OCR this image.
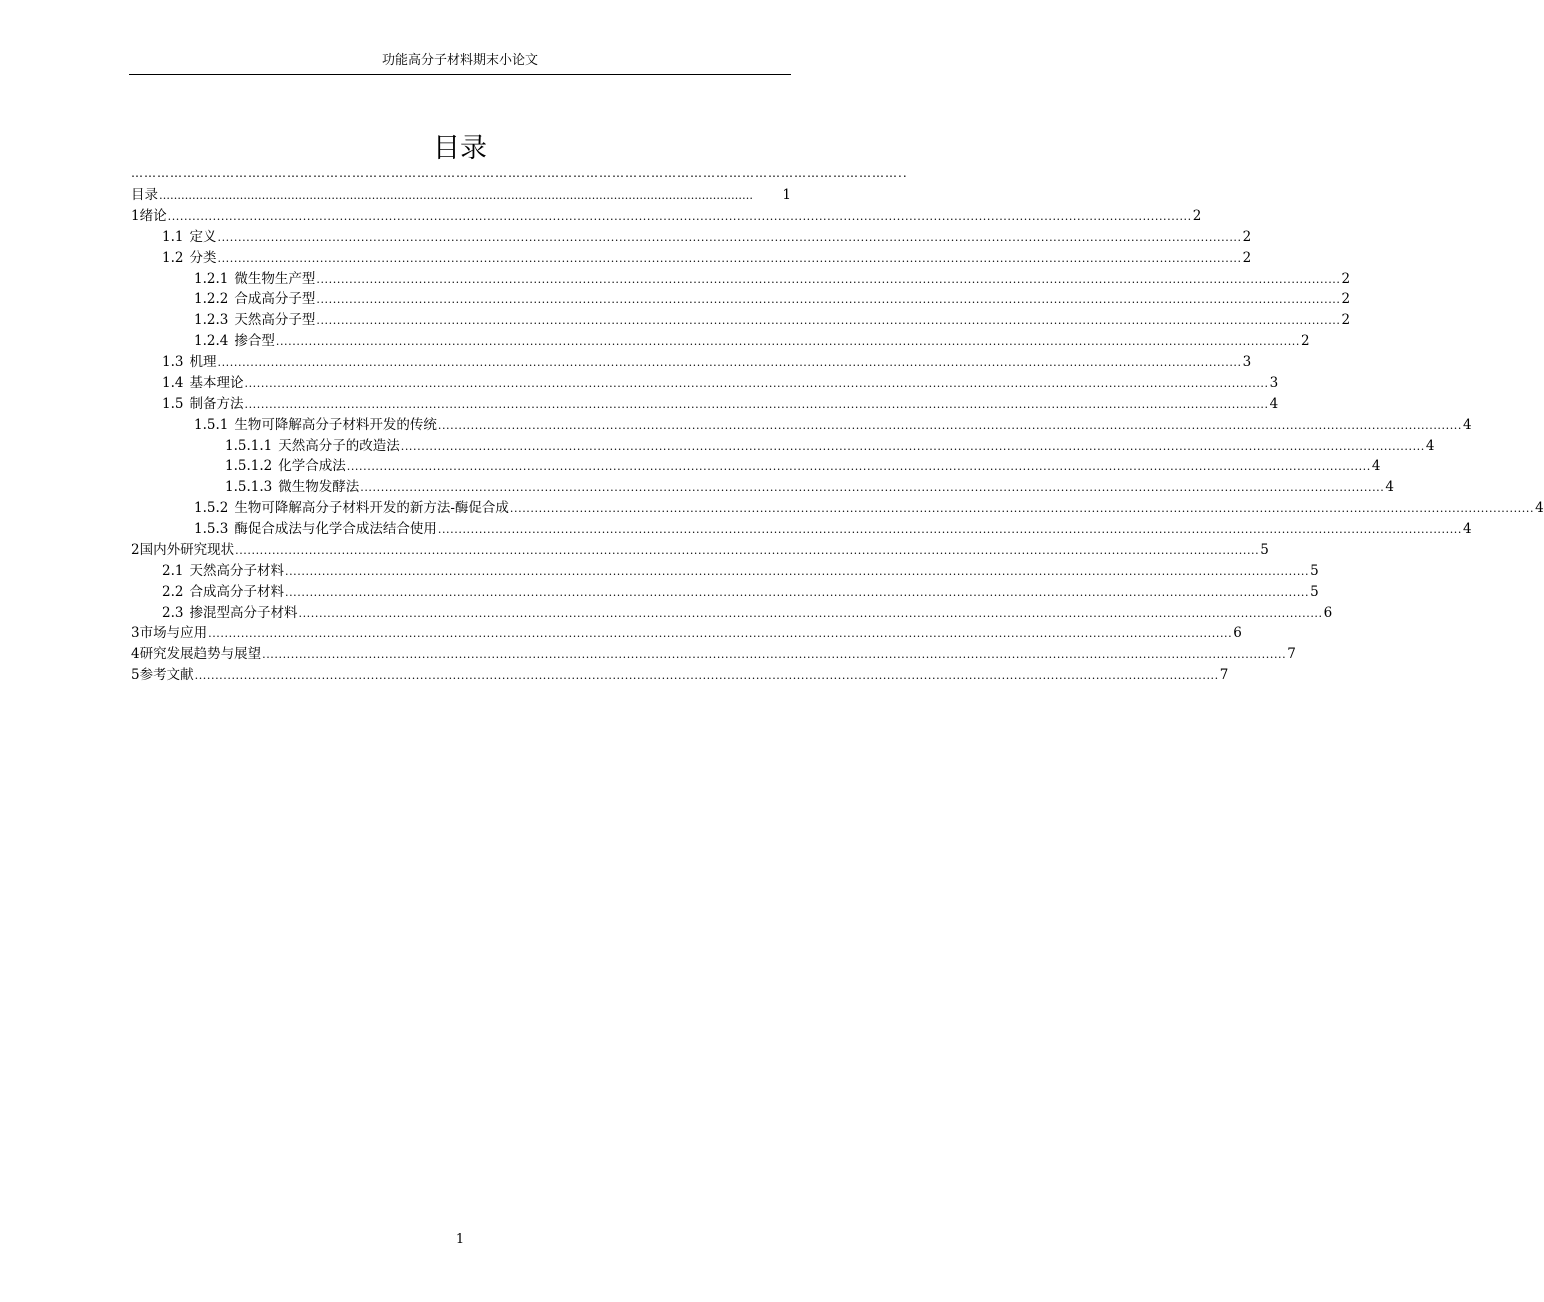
功能高分子材料期末小论文
目录
……………………………………………………………………………………………………………………………………………………………..
目录 ………………………………………………………………………………………………………………………………………………	1
1 绪论 .....	2
1.1 定义 .....	2
1.2 分类 .....	2
1.2.1 微生物生产型 .....	2
1.2.2 合成高分子型 .....	2
1.2.3 天然高分子型 .....	2
1.2.4 掺合型 .....	2
1.3 机理 .....	3
1.4 基本理论 .....	3
1.5 制备方法 .....	4
1.5.1 生物可降解高分子材料开发的传统 .....	4
1.5.1.1 天然高分子的改造法 .....	4
1.5.1.2 化学合成法 .....	4
1.5.1.3 微生物发酵法 .....	4
1.5.2 生物可降解高分子材料开发的新方法-酶促合成 .....	4
1.5.3 酶促合成法与化学合成法结合使用 .....	4
2 国内外研究现状 .....	5
2.1 天然高分子材料 .....	5
2.2 合成高分子材料 .....	5
2.3 掺混型高分子材料 .....	6
3 市场与应用 .....	6
4 研究发展趋势与展望 .....	7
5 参考文献 .....	7
1
